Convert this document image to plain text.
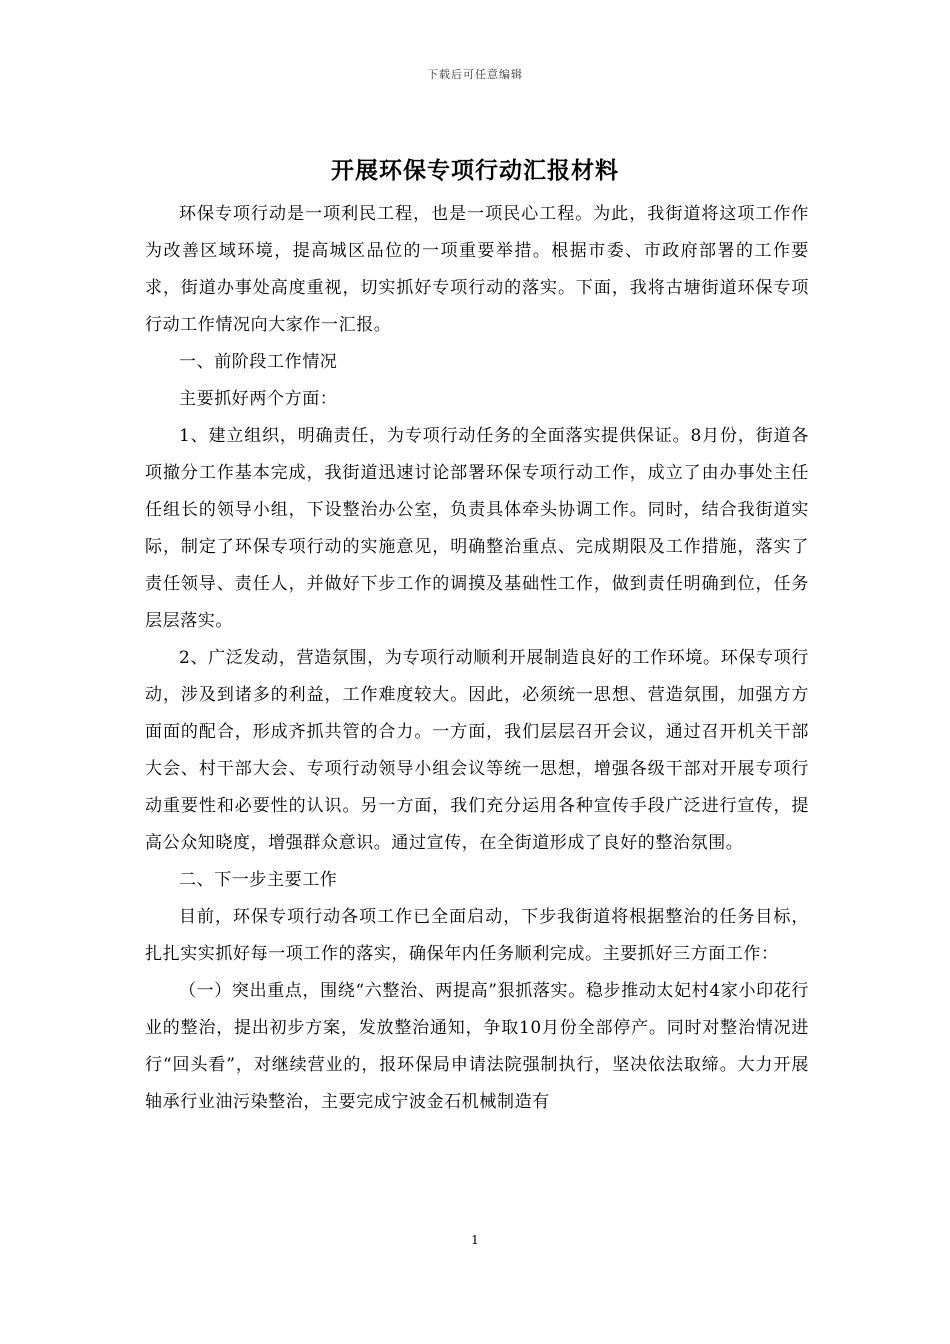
下载后可任意编辑
开展环保专项行动汇报材料

环保专项行动是一项利民工程，也是一项民心工程。为此，我街道将这项工作作为改善区域环境，提高城区品位的一项重要举措。根据市委、市政府部署的工作要求，街道办事处高度重视，切实抓好专项行动的落实。下面，我将古塘街道环保专项行动工作情况向大家作一汇报。

一、前阶段工作情况

主要抓好两个方面：

1、建立组织，明确责任，为专项行动任务的全面落实提供保证。8月份，街道各项撤分工作基本完成，我街道迅速讨论部署环保专项行动工作，成立了由办事处主任任组长的领导小组，下设整治办公室，负责具体牵头协调工作。同时，结合我街道实际，制定了环保专项行动的实施意见，明确整治重点、完成期限及工作措施，落实了责任领导、责任人，并做好下步工作的调摸及基础性工作，做到责任明确到位，任务层层落实。

2、广泛发动，营造氛围，为专项行动顺利开展制造良好的工作环境。环保专项行动，涉及到诸多的利益，工作难度较大。因此，必须统一思想、营造氛围，加强方方面面的配合，形成齐抓共管的合力。一方面，我们层层召开会议，通过召开机关干部大会、村干部大会、专项行动领导小组会议等统一思想，增强各级干部对开展专项行动重要性和必要性的认识。另一方面，我们充分运用各种宣传手段广泛进行宣传，提高公众知晓度，增强群众意识。通过宣传，在全街道形成了良好的整治氛围。

二、下一步主要工作

目前，环保专项行动各项工作已全面启动，下步我街道将根据整治的任务目标，扎扎实实抓好每一项工作的落实，确保年内任务顺利完成。主要抓好三方面工作：

（一）突出重点，围绕“六整治、两提高”狠抓落实。稳步推动太妃村4家小印花行业的整治，提出初步方案，发放整治通知，争取10月份全部停产。同时对整治情况进行“回头看”，对继续营业的，报环保局申请法院强制执行，坚决依法取缔。大力开展轴承行业油污染整治，主要完成宁波金石机械制造有

1
